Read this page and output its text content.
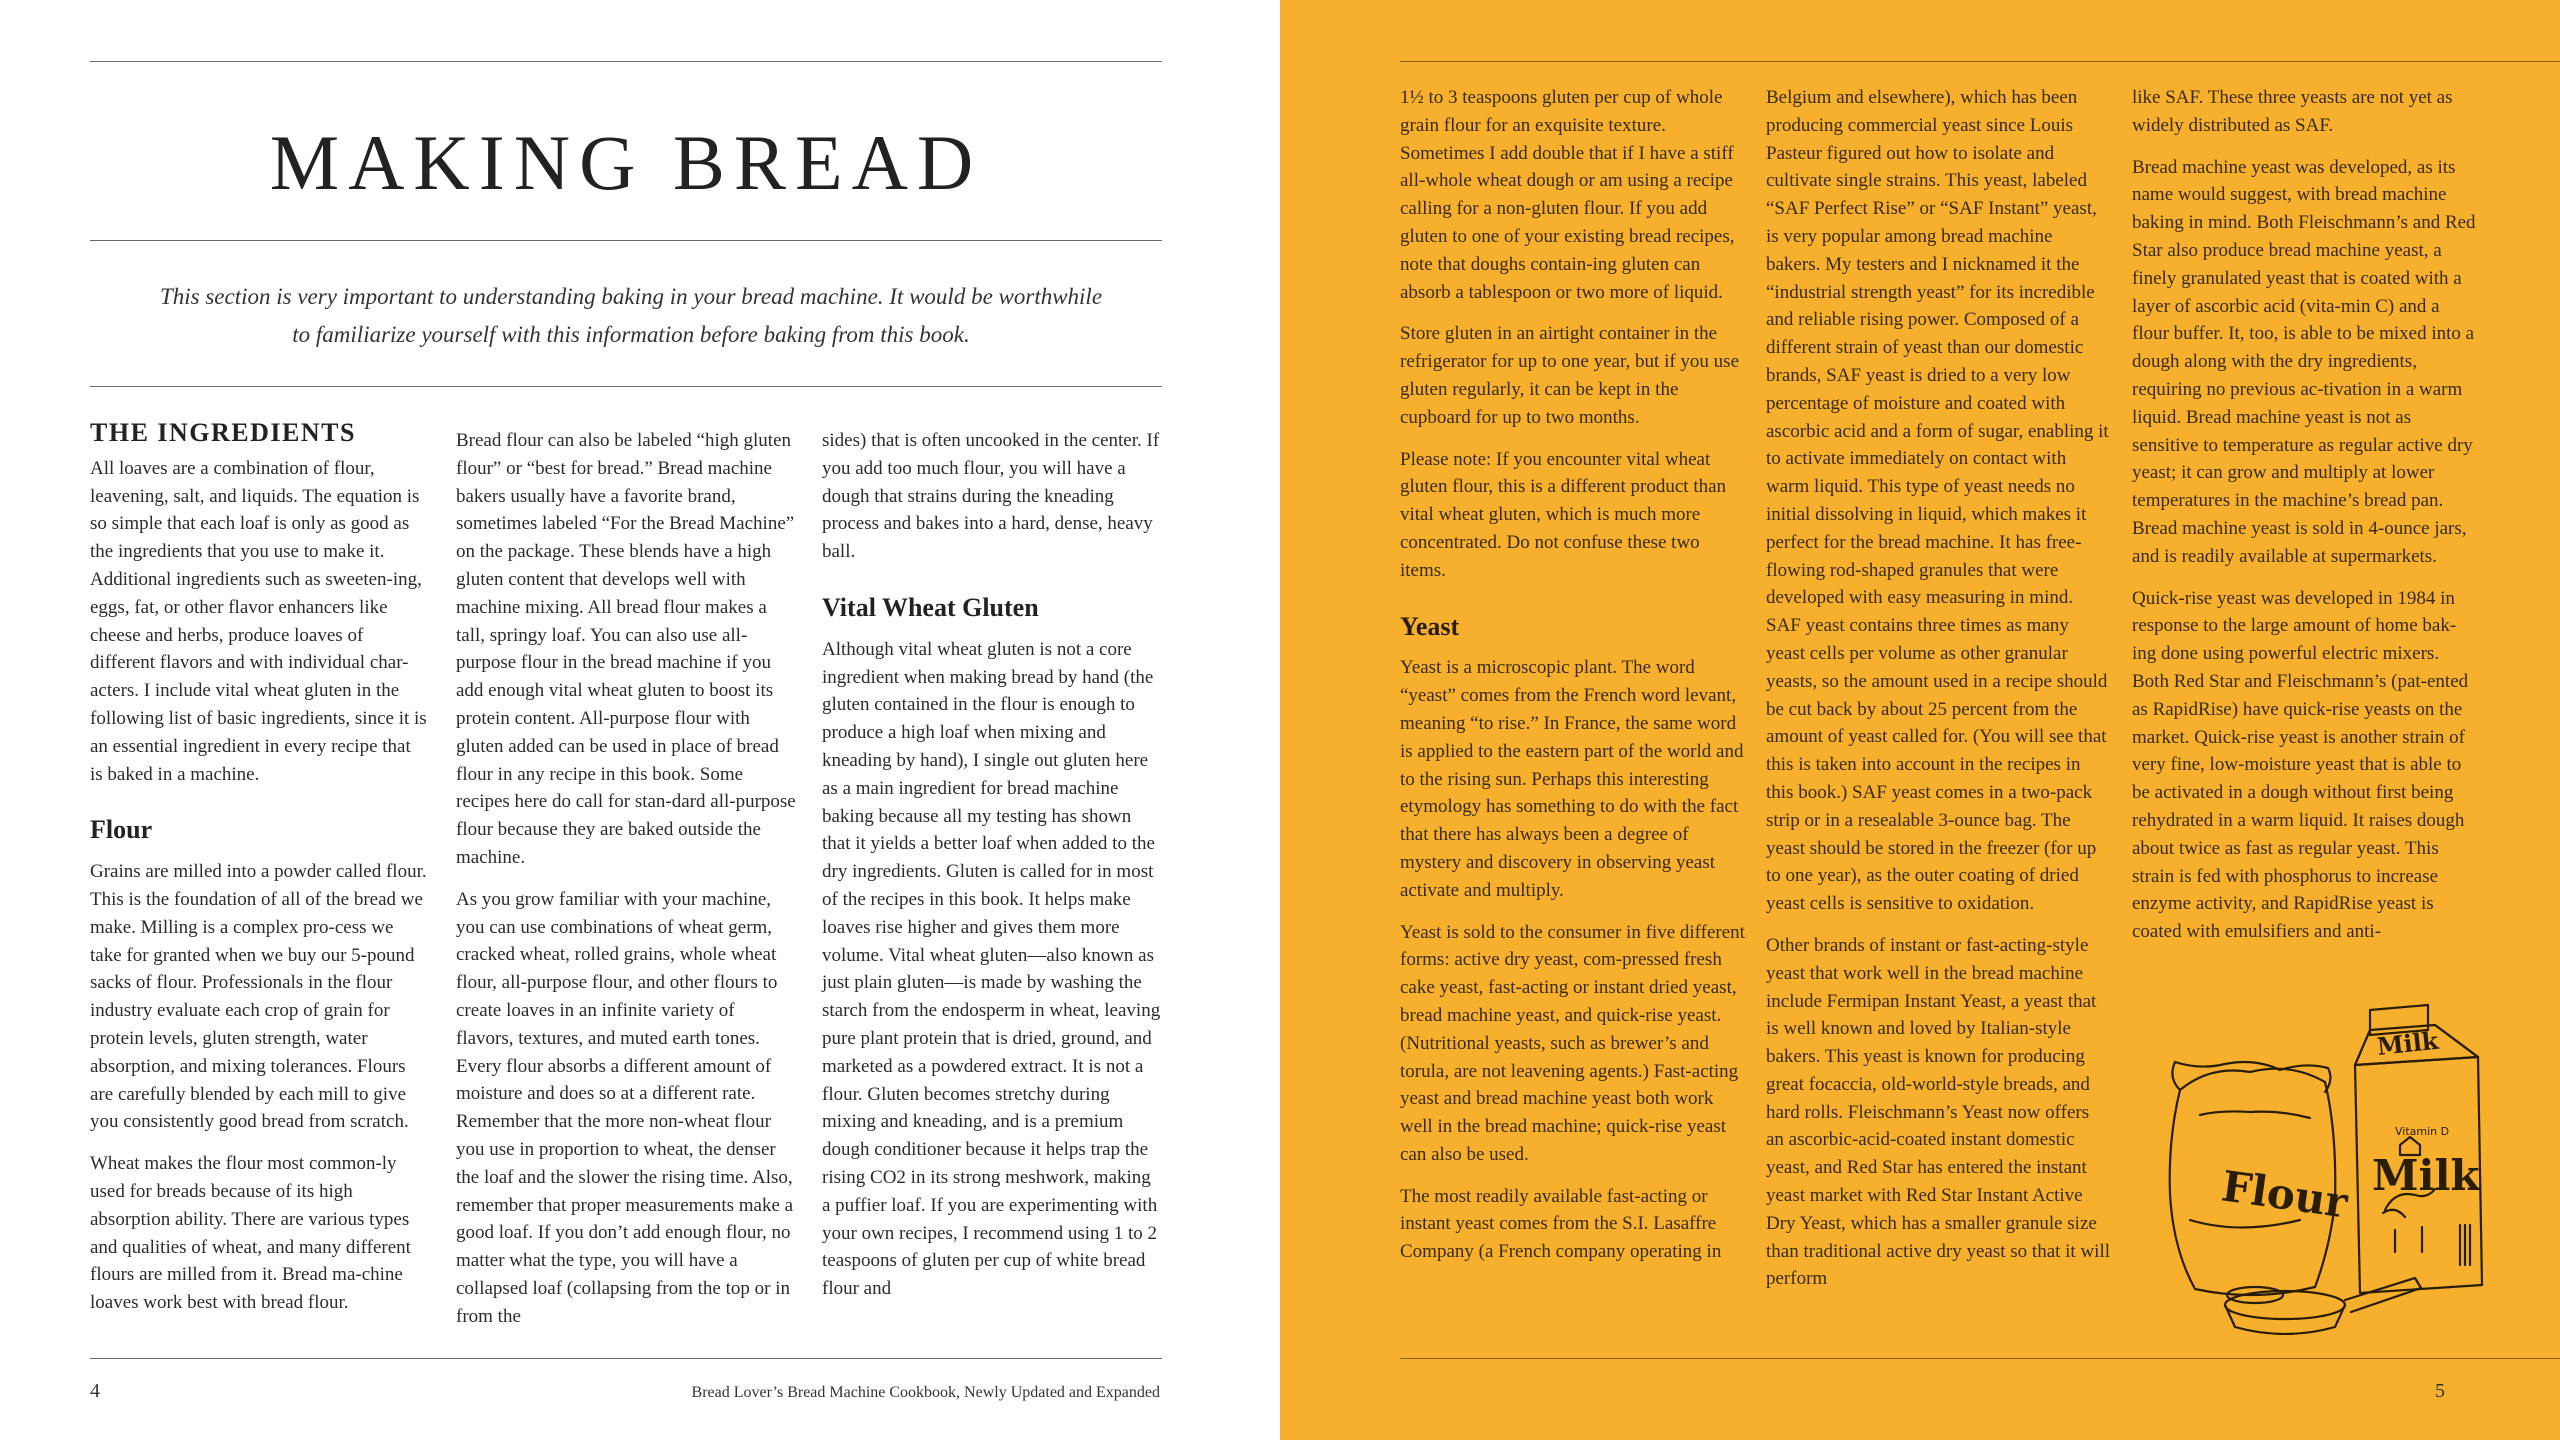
MAKING BREAD

This section is very important to understanding baking in your bread machine. It would be worthwhile to familiarize yourself with this information before baking from this book.

THE INGREDIENTS

All loaves are a combination of flour, leavening, salt, and liquids. The equation is so simple that each loaf is only as good as the ingredients that you use to make it. Additional ingredients such as sweeten-ing, eggs, fat, or other flavor enhancers like cheese and herbs, produce loaves of different flavors and with individual char-acters. I include vital wheat gluten in the following list of basic ingredients, since it is an essential ingredient in every recipe that is baked in a machine.

Flour

Grains are milled into a powder called flour. This is the foundation of all of the bread we make. Milling is a complex pro-cess we take for granted when we buy our 5-pound sacks of flour. Professionals in the flour industry evaluate each crop of grain for protein levels, gluten strength, water absorption, and mixing tolerances. Flours are carefully blended by each mill to give you consistently good bread from scratch.

Wheat makes the flour most common-ly used for breads because of its high absorption ability. There are various types and qualities of wheat, and many different flours are milled from it. Bread ma-chine loaves work best with bread flour.

Bread flour can also be labeled “high gluten flour” or “best for bread.” Bread machine bakers usually have a favorite brand, sometimes labeled “For the Bread Machine” on the package. These blends have a high gluten content that develops well with machine mixing. All bread flour makes a tall, springy loaf. You can also use all-purpose flour in the bread machine if you add enough vital wheat gluten to boost its protein content. All-purpose flour with gluten added can be used in place of bread flour in any recipe in this book. Some recipes here do call for stan-dard all-purpose flour because they are baked outside the machine.

As you grow familiar with your machine, you can use combinations of wheat germ, cracked wheat, rolled grains, whole wheat flour, all-purpose flour, and other flours to create loaves in an infinite variety of flavors, textures, and muted earth tones. Every flour absorbs a different amount of moisture and does so at a different rate. Remember that the more non-wheat flour you use in proportion to wheat, the denser the loaf and the slower the rising time. Also, remember that proper measurements make a good loaf. If you don’t add enough flour, no matter what the type, you will have a collapsed loaf (collapsing from the top or in from the

sides) that is often uncooked in the center. If you add too much flour, you will have a dough that strains during the kneading process and bakes into a hard, dense, heavy ball.

Vital Wheat Gluten

Although vital wheat gluten is not a core ingredient when making bread by hand (the gluten contained in the flour is enough to produce a high loaf when mixing and kneading by hand), I single out gluten here as a main ingredient for bread machine baking because all my testing has shown that it yields a better loaf when added to the dry ingredients. Gluten is called for in most of the recipes in this book. It helps make loaves rise higher and gives them more volume. Vital wheat gluten—also known as just plain gluten—is made by washing the starch from the endosperm in wheat, leaving pure plant protein that is dried, ground, and marketed as a powdered extract. It is not a flour. Gluten becomes stretchy during mixing and kneading, and is a premium dough conditioner because it helps trap the rising CO2 in its strong meshwork, making a puffier loaf. If you are experimenting with your own recipes, I recommend using 1 to 2 teaspoons of gluten per cup of white bread flour and

4	Bread Lover’s Bread Machine Cookbook, Newly Updated and Expanded

1½ to 3 teaspoons gluten per cup of whole grain flour for an exquisite texture. Sometimes I add double that if I have a stiff all-whole wheat dough or am using a recipe calling for a non-gluten flour. If you add gluten to one of your existing bread recipes, note that doughs contain-ing gluten can absorb a tablespoon or two more of liquid.

Store gluten in an airtight container in the refrigerator for up to one year, but if you use gluten regularly, it can be kept in the cupboard for up to two months.

Please note: If you encounter vital wheat gluten flour, this is a different product than vital wheat gluten, which is much more concentrated. Do not confuse these two items.

Yeast

Yeast is a microscopic plant. The word “yeast” comes from the French word levant, meaning “to rise.” In France, the same word is applied to the eastern part of the world and to the rising sun. Perhaps this interesting etymology has something to do with the fact that there has always been a degree of mystery and discovery in observing yeast activate and multiply.

Yeast is sold to the consumer in five different forms: active dry yeast, com-pressed fresh cake yeast, fast-acting or instant dried yeast, bread machine yeast, and quick-rise yeast. (Nutritional yeasts, such as brewer’s and torula, are not leavening agents.) Fast-acting yeast and bread machine yeast both work well in the bread machine; quick-rise yeast can also be used.

The most readily available fast-acting or instant yeast comes from the S.I. Lasaffre Company (a French company operating in

Belgium and elsewhere), which has been producing commercial yeast since Louis Pasteur figured out how to isolate and cultivate single strains. This yeast, labeled “SAF Perfect Rise” or “SAF Instant” yeast, is very popular among bread machine bakers. My testers and I nicknamed it the “industrial strength yeast” for its incredible and reliable rising power. Composed of a different strain of yeast than our domestic brands, SAF yeast is dried to a very low percentage of moisture and coated with ascorbic acid and a form of sugar, enabling it to activate immediately on contact with warm liquid. This type of yeast needs no initial dissolving in liquid, which makes it perfect for the bread machine. It has free-flowing rod-shaped granules that were developed with easy measuring in mind. SAF yeast contains three times as many yeast cells per volume as other granular yeasts, so the amount used in a recipe should be cut back by about 25 percent from the amount of yeast called for. (You will see that this is taken into account in the recipes in this book.) SAF yeast comes in a two-pack strip or in a resealable 3-ounce bag. The yeast should be stored in the freezer (for up to one year), as the outer coating of dried yeast cells is sensitive to oxidation.

Other brands of instant or fast-acting-style yeast that work well in the bread machine include Fermipan Instant Yeast, a yeast that is well known and loved by Italian-style bakers. This yeast is known for producing great focaccia, old-world-style breads, and hard rolls. Fleischmann’s Yeast now offers an ascorbic-acid-coated instant domestic yeast, and Red Star has entered the instant yeast market with Red Star Instant Active Dry Yeast, which has a smaller granule size than traditional active dry yeast so that it will perform

like SAF. These three yeasts are not yet as widely distributed as SAF.

Bread machine yeast was developed, as its name would suggest, with bread machine baking in mind. Both Fleischmann’s and Red Star also produce bread machine yeast, a finely granulated yeast that is coated with a layer of ascorbic acid (vita-min C) and a flour buffer. It, too, is able to be mixed into a dough along with the dry ingredients, requiring no previous ac-tivation in a warm liquid. Bread machine yeast is not as sensitive to temperature as regular active dry yeast; it can grow and multiply at lower temperatures in the machine’s bread pan. Bread machine yeast is sold in 4-ounce jars, and is readily available at supermarkets.

Quick-rise yeast was developed in 1984 in response to the large amount of home bak-ing done using powerful electric mixers. Both Red Star and Fleischmann’s (pat-ented as RapidRise) have quick-rise yeasts on the market. Quick-rise yeast is another strain of very fine, low-moisture yeast that is able to be activated in a dough without first being rehydrated in a warm liquid. It raises dough about twice as fast as regular yeast. This strain is fed with phosphorus to increase enzyme activity, and RapidRise yeast is coated with emulsifiers and anti-

Flour
Milk
Vitamin D
Milk
5
